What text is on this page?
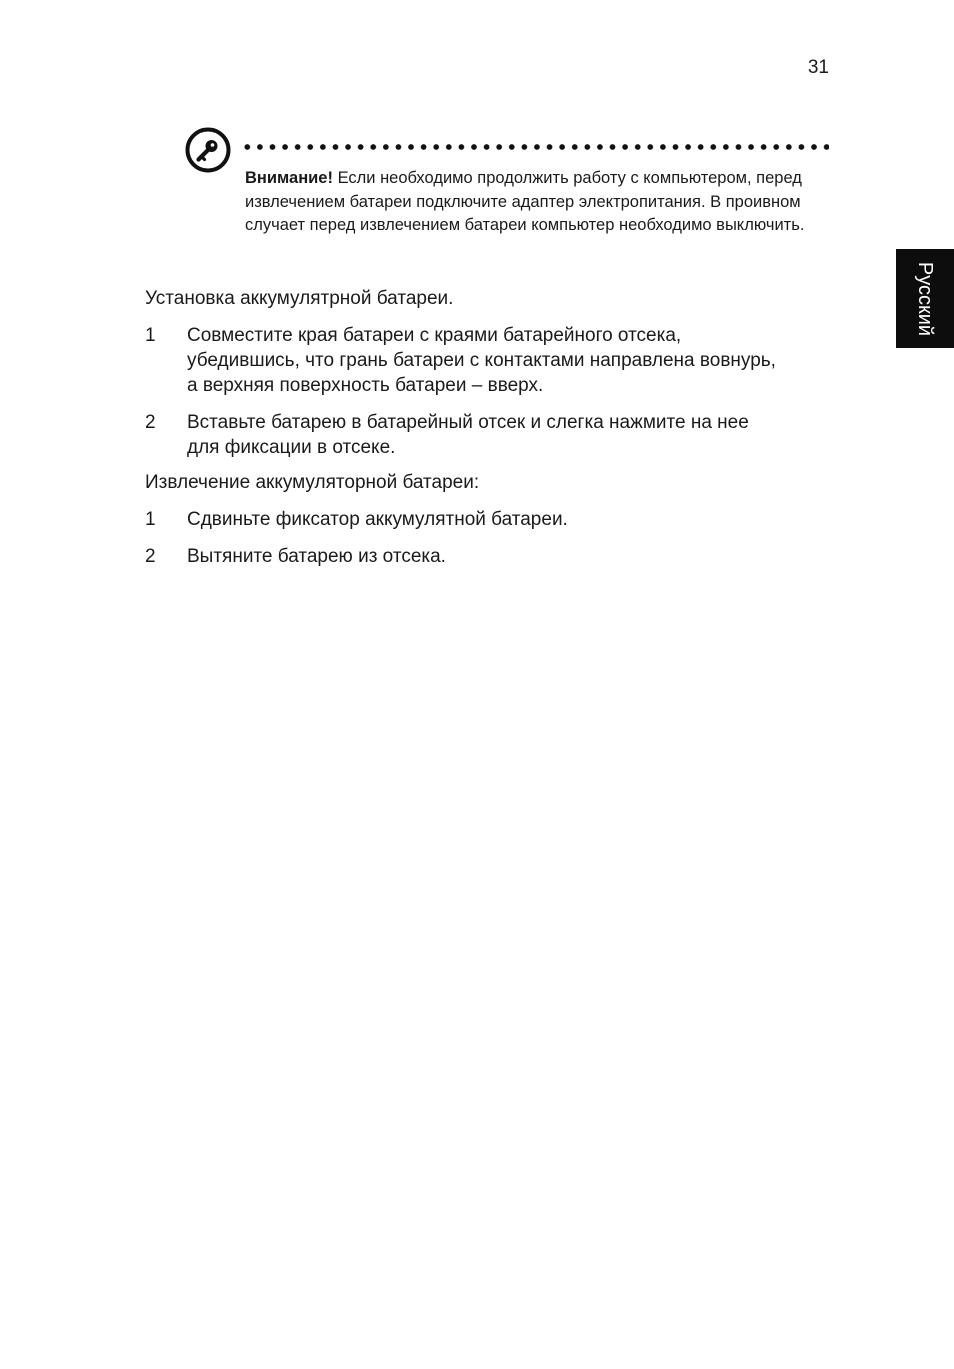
31
Русский

Внимание! Если необходимо продолжить работу с компьютером, перед извлечением батареи подключите адаптер электропитания. В проивном случает перед извлечением батареи компьютер необходимо выключить.

Установка аккумулятрной батареи.

1 Совместите края батареи с краями батарейного отсека,
убедившись, что грань батареи с контактами направлена вовнурь,
а верхняя поверхность батареи – вверх.
2 Вставьте батарею в батарейный отсек и слегка нажмите на нее
для фиксации в отсеке.

Извлечение аккумуляторной батареи:

1 Сдвиньте фиксатор аккумулятной батареи.
2 Вытяните батарею из отсека.
